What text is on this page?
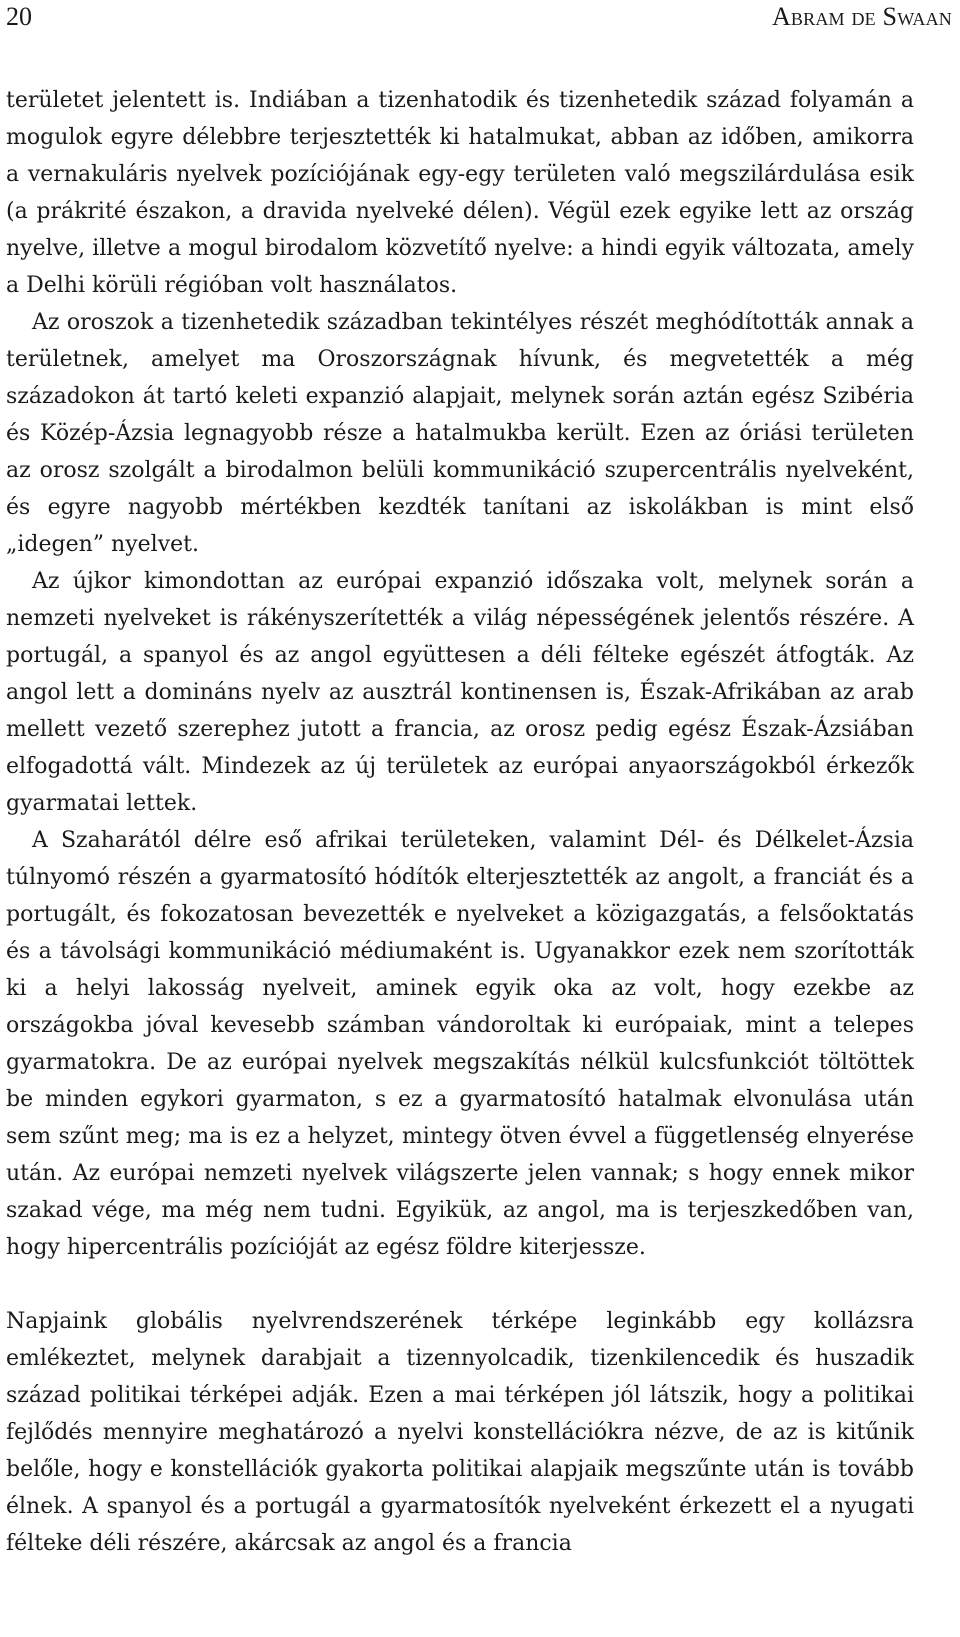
20	Abram de Swaan

területet jelentett is. Indiában a tizenhatodik és tizenhetedik század folyamán a mogulok egyre délebbre terjesztették ki hatalmukat, abban az időben, amikorra a vernakuláris nyelvek pozíciójának egy-egy területen való megszilárdulása esik (a prákrité északon, a dravida nyelveké délen). Végül ezek egyike lett az ország nyelve, illetve a mogul birodalom közvetítő nyelve: a hindi egyik változata, amely a Delhi körüli régióban volt használatos.

Az oroszok a tizenhetedik században tekintélyes részét meghódították annak a területnek, amelyet ma Oroszországnak hívunk, és megvetették a még századokon át tartó keleti expanzió alapjait, melynek során aztán egész Szibéria és Közép-Ázsia legnagyobb része a hatalmukba került. Ezen az óriási területen az orosz szolgált a birodalmon belüli kommunikáció szupercentrális nyelveként, és egyre nagyobb mértékben kezdték tanítani az iskolákban is mint első „idegen” nyelvet.

Az újkor kimondottan az európai expanzió időszaka volt, melynek során a nemzeti nyelveket is rákényszerítették a világ népességének jelentős részére. A portugál, a spanyol és az angol együttesen a déli félteke egészét átfogták. Az angol lett a domináns nyelv az ausztrál kontinensen is, Észak-Afrikában az arab mellett vezető szerephez jutott a francia, az orosz pedig egész Észak-Ázsiában elfogadottá vált. Mindezek az új területek az európai anyaországokból érkezők gyarmatai lettek.

A Szaharától délre eső afrikai területeken, valamint Dél- és Délkelet-Ázsia túlnyomó részén a gyarmatosító hódítók elterjesztették az angolt, a franciát és a portugált, és fokozatosan bevezették e nyelveket a közigazgatás, a felsőoktatás és a távolsági kommunikáció médiumaként is. Ugyanakkor ezek nem szorították ki a helyi lakosság nyelveit, aminek egyik oka az volt, hogy ezekbe az országokba jóval kevesebb számban vándoroltak ki európaiak, mint a telepes gyarmatokra. De az európai nyelvek megszakítás nélkül kulcsfunkciót töltöttek be minden egykori gyarmaton, s ez a gyarmatosító hatalmak elvonulása után sem szűnt meg; ma is ez a helyzet, mintegy ötven évvel a függetlenség elnyerése után. Az európai nemzeti nyelvek világszerte jelen vannak; s hogy ennek mikor szakad vége, ma még nem tudni. Egyikük, az angol, ma is terjeszkedőben van, hogy hipercentrális pozícióját az egész földre kiterjessze.

Napjaink globális nyelvrendszerének térképe leginkább egy kollázsra emlékeztet, melynek darabjait a tizennyolcadik, tizenkilencedik és huszadik század politikai térképei adják. Ezen a mai térképen jól látszik, hogy a politikai fejlődés mennyire meghatározó a nyelvi konstellációkra nézve, de az is kitűnik belőle, hogy e konstellációk gyakorta politikai alapjaik megszűnte után is tovább élnek. A spanyol és a portugál a gyarmatosítók nyelveként érkezett el a nyugati félteke déli részére, akárcsak az angol és a francia
